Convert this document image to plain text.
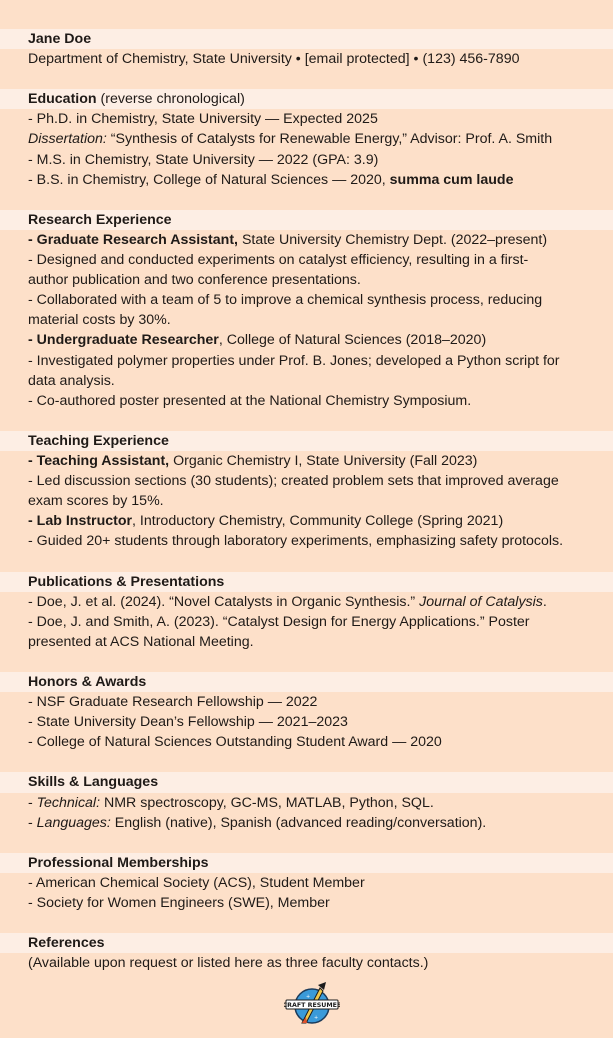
Jane Doe
Department of Chemistry, State University • [email protected] • (123) 456-7890
Education (reverse chronological)
- Ph.D. in Chemistry, State University — Expected 2025
Dissertation: “Synthesis of Catalysts for Renewable Energy,” Advisor: Prof. A. Smith
- M.S. in Chemistry, State University — 2022 (GPA: 3.9)
- B.S. in Chemistry, College of Natural Sciences — 2020, summa cum laude
Research Experience
- Graduate Research Assistant, State University Chemistry Dept. (2022–present)
- Designed and conducted experiments on catalyst efficiency, resulting in a first-
author publication and two conference presentations.
- Collaborated with a team of 5 to improve a chemical synthesis process, reducing
material costs by 30%.
- Undergraduate Researcher, College of Natural Sciences (2018–2020)
- Investigated polymer properties under Prof. B. Jones; developed a Python script for
data analysis.
- Co-authored poster presented at the National Chemistry Symposium.
Teaching Experience
- Teaching Assistant, Organic Chemistry I, State University (Fall 2023)
- Led discussion sections (30 students); created problem sets that improved average
exam scores by 15%.
- Lab Instructor, Introductory Chemistry, Community College (Spring 2021)
- Guided 20+ students through laboratory experiments, emphasizing safety protocols.
Publications & Presentations
- Doe, J. et al. (2024). “Novel Catalysts in Organic Synthesis.” Journal of Catalysis.
- Doe, J. and Smith, A. (2023). “Catalyst Design for Energy Applications.” Poster
presented at ACS National Meeting.
Honors & Awards
- NSF Graduate Research Fellowship — 2022
- State University Dean’s Fellowship — 2021–2023
- College of Natural Sciences Outstanding Student Award — 2020
Skills & Languages
- Technical: NMR spectroscopy, GC-MS, MATLAB, Python, SQL.
- Languages: English (native), Spanish (advanced reading/conversation).
Professional Memberships
- American Chemical Society (ACS), Student Member
- Society for Women Engineers (SWE), Member
References
(Available upon request or listed here as three faculty contacts.)
+
+
CRAFT RESUMES
